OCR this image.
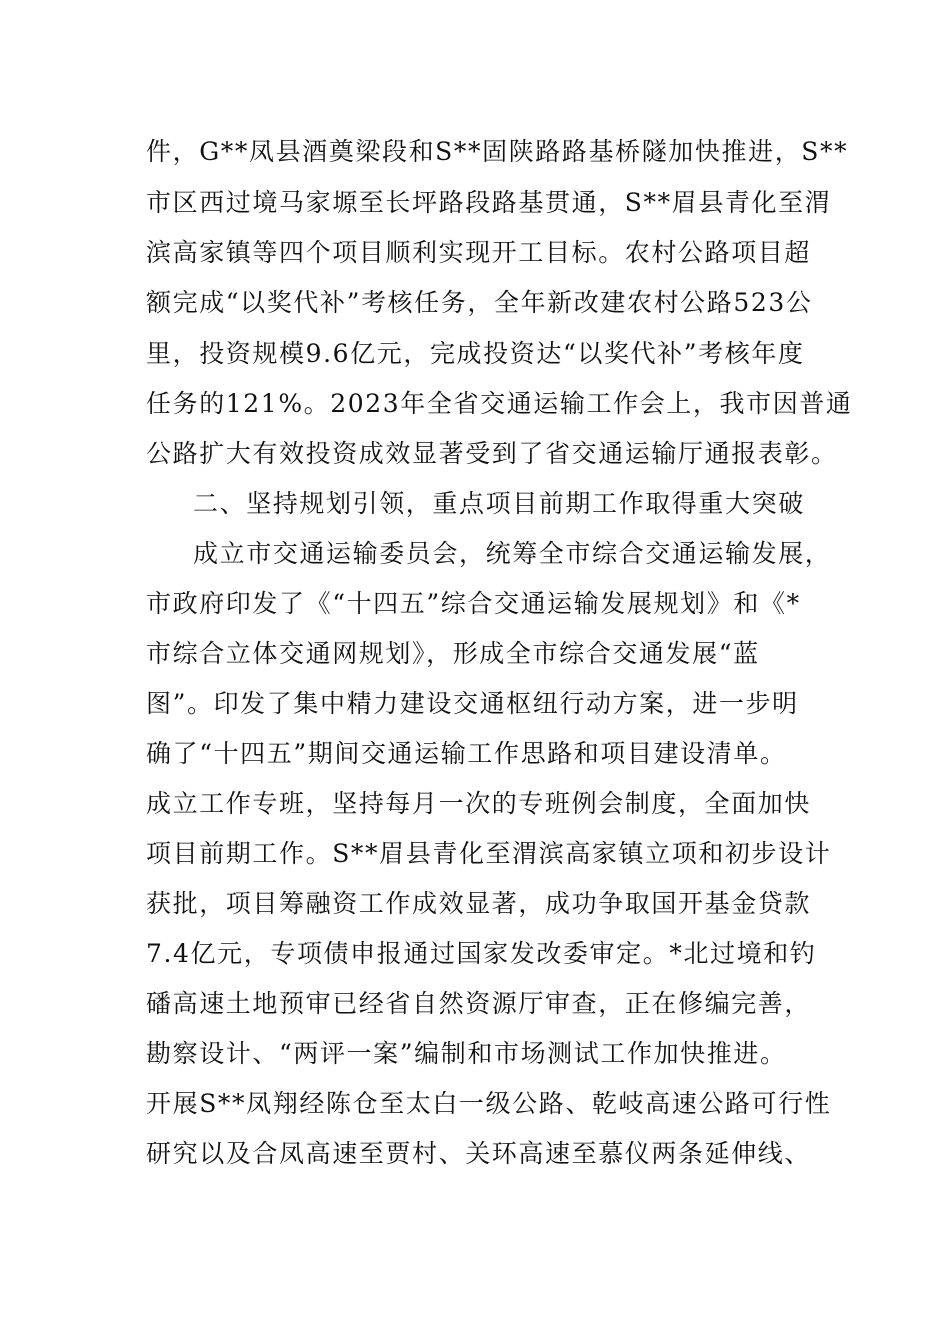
件，G**凤县酒奠梁段和S**固陕路路基桥隧加快推进，S**
市区西过境马家塬至长坪路段路基贯通，S**眉县青化至渭
滨高家镇等四个项目顺利实现开工目标。农村公路项目超
额完成“以奖代补”考核任务，全年新改建农村公路523公
里，投资规模9.6亿元，完成投资达“以奖代补”考核年度
任务的121%。2023年全省交通运输工作会上，我市因普通
公路扩大有效投资成效显著受到了省交通运输厅通报表彰。
二、坚持规划引领，重点项目前期工作取得重大突破
成立市交通运输委员会，统筹全市综合交通运输发展，
市政府印发了《“十四五”综合交通运输发展规划》和《*
市综合立体交通网规划》，形成全市综合交通发展“蓝
图”。印发了集中精力建设交通枢纽行动方案，进一步明
确了“十四五”期间交通运输工作思路和项目建设清单。
成立工作专班，坚持每月一次的专班例会制度，全面加快
项目前期工作。S**眉县青化至渭滨高家镇立项和初步设计
获批，项目筹融资工作成效显著，成功争取国开基金贷款
7.4亿元，专项债申报通过国家发改委审定。*北过境和钓
磻高速土地预审已经省自然资源厅审查，正在修编完善，
勘察设计、“两评一案”编制和市场测试工作加快推进。
开展S**凤翔经陈仓至太白一级公路、乾岐高速公路可行性
研究以及合凤高速至贾村、关环高速至慕仪两条延伸线、
